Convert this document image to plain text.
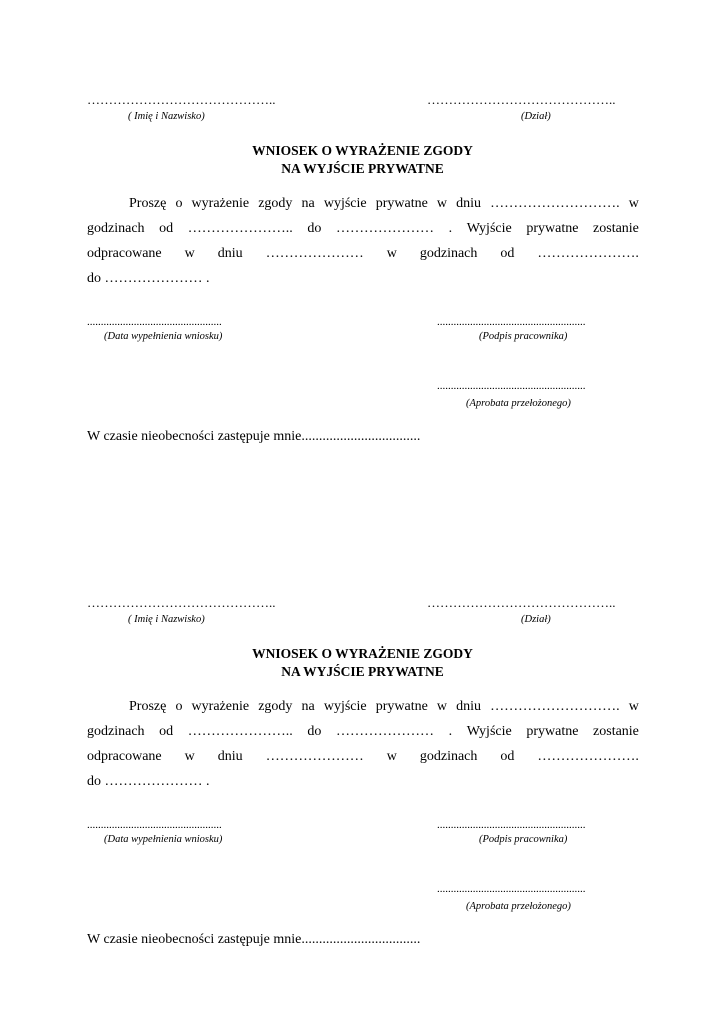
……………………………………..
( Imię i Nazwisko)
……………………………………..
(Dział)
WNIOSEK O WYRAŻENIE ZGODY
NA WYJŚCIE PRYWATNE
Proszę o wyrażenie zgody na wyjście prywatne w dniu ………………………. w
godzinach od ………………….. do ………………… . Wyjście prywatne zostanie
odpracowane w dniu ………………… w godzinach od ………………….
do ………………… .
.................................................
(Data wypełnienia wniosku)
......................................................
(Podpis pracownika)
......................................................
(Aprobata przełożonego)
W czasie nieobecności zastępuje mnie..................................
……………………………………..
( Imię i Nazwisko)
……………………………………..
(Dział)
WNIOSEK O WYRAŻENIE ZGODY
NA WYJŚCIE PRYWATNE
Proszę o wyrażenie zgody na wyjście prywatne w dniu ………………………. w
godzinach od ………………….. do ………………… . Wyjście prywatne zostanie
odpracowane w dniu ………………… w godzinach od ………………….
do ………………… .
.................................................
(Data wypełnienia wniosku)
......................................................
(Podpis pracownika)
......................................................
(Aprobata przełożonego)
W czasie nieobecności zastępuje mnie..................................
